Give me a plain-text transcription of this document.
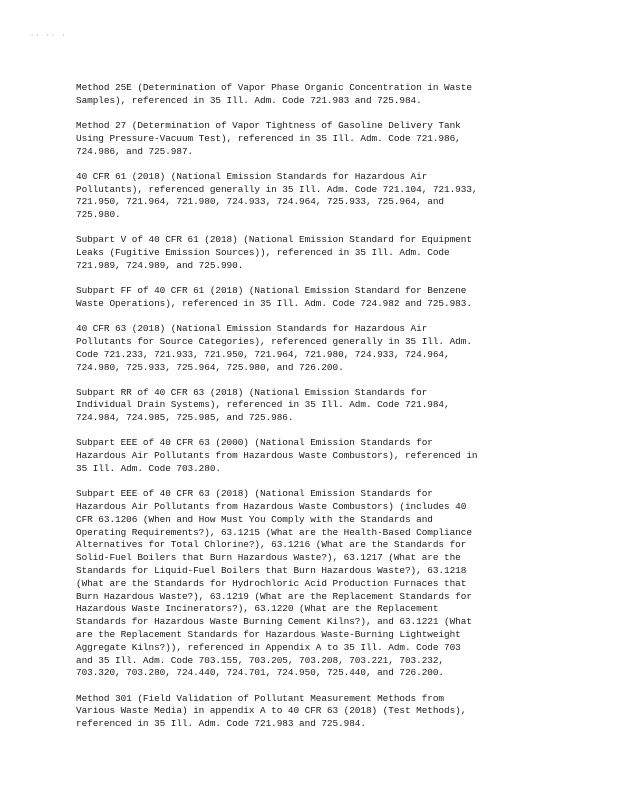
·· ·· ·
Method 25E (Determination of Vapor Phase Organic Concentration in Waste
Samples), referenced in 35 Ill. Adm. Code 721.983 and 725.984.
Method 27 (Determination of Vapor Tightness of Gasoline Delivery Tank
Using Pressure-Vacuum Test), referenced in 35 Ill. Adm. Code 721.986,
724.986, and 725.987.
40 CFR 61 (2018) (National Emission Standards for Hazardous Air
Pollutants), referenced generally in 35 Ill. Adm. Code 721.104, 721.933,
721.950, 721.964, 721.980, 724.933, 724.964, 725.933, 725.964, and
725.980.
Subpart V of 40 CFR 61 (2018) (National Emission Standard for Equipment
Leaks (Fugitive Emission Sources)), referenced in 35 Ill. Adm. Code
721.989, 724.989, and 725.990.
Subpart FF of 40 CFR 61 (2018) (National Emission Standard for Benzene
Waste Operations), referenced in 35 Ill. Adm. Code 724.982 and 725.983.
40 CFR 63 (2018) (National Emission Standards for Hazardous Air
Pollutants for Source Categories), referenced generally in 35 Ill. Adm.
Code 721.233, 721.933, 721.950, 721.964, 721.980, 724.933, 724.964,
724.980, 725.933, 725.964, 725.980, and 726.200.
Subpart RR of 40 CFR 63 (2018) (National Emission Standards for
Individual Drain Systems), referenced in 35 Ill. Adm. Code 721.984,
724.984, 724.985, 725.985, and 725.986.
Subpart EEE of 40 CFR 63 (2000) (National Emission Standards for
Hazardous Air Pollutants from Hazardous Waste Combustors), referenced in
35 Ill. Adm. Code 703.280.
Subpart EEE of 40 CFR 63 (2018) (National Emission Standards for
Hazardous Air Pollutants from Hazardous Waste Combustors) (includes 40
CFR 63.1206 (When and How Must You Comply with the Standards and
Operating Requirements?), 63.1215 (What are the Health-Based Compliance
Alternatives for Total Chlorine?), 63.1216 (What are the Standards for
Solid-Fuel Boilers that Burn Hazardous Waste?), 63.1217 (What are the
Standards for Liquid-Fuel Boilers that Burn Hazardous Waste?), 63.1218
(What are the Standards for Hydrochloric Acid Production Furnaces that
Burn Hazardous Waste?), 63.1219 (What are the Replacement Standards for
Hazardous Waste Incinerators?), 63.1220 (What are the Replacement
Standards for Hazardous Waste Burning Cement Kilns?), and 63.1221 (What
are the Replacement Standards for Hazardous Waste-Burning Lightweight
Aggregate Kilns?)), referenced in Appendix A to 35 Ill. Adm. Code 703
and 35 Ill. Adm. Code 703.155, 703.205, 703.208, 703.221, 703.232,
703.320, 703.280, 724.440, 724.701, 724.950, 725.440, and 726.200.
Method 301 (Field Validation of Pollutant Measurement Methods from
Various Waste Media) in appendix A to 40 CFR 63 (2018) (Test Methods),
referenced in 35 Ill. Adm. Code 721.983 and 725.984.
